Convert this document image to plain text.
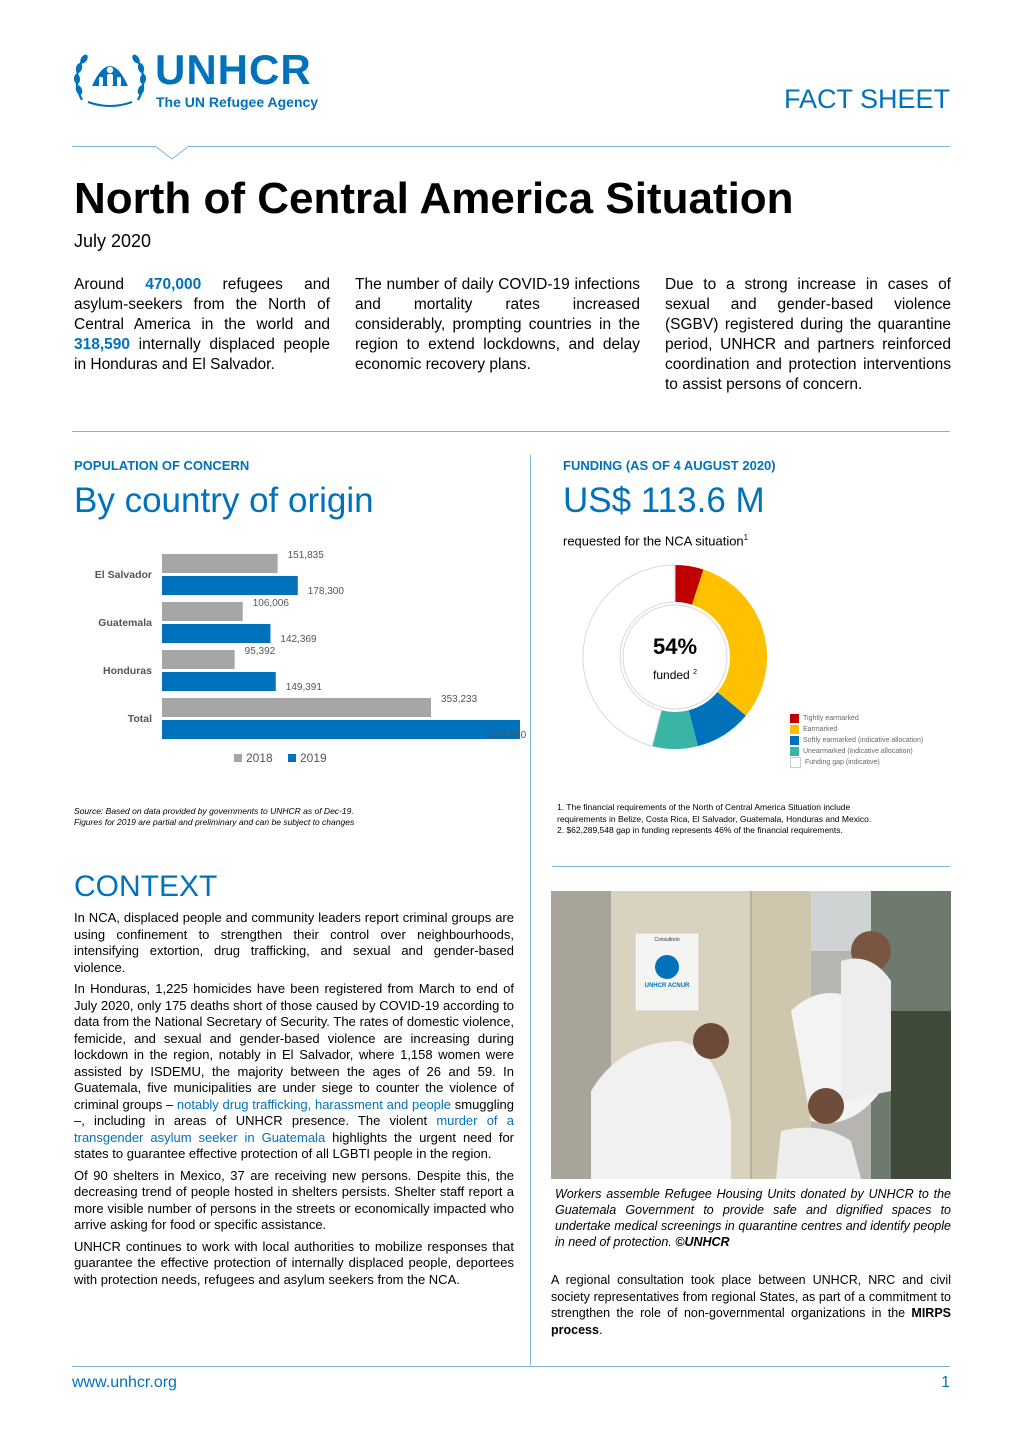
UNHCR
The UN Refugee Agency	FACT SHEET
North of Central America Situation
July 2020
Around 470,000 refugees and asylum-seekers from the North of Central America in the world and 318,590 internally displaced people in Honduras and El Salvador.
The number of daily COVID-19 infections and mortality rates increased considerably, prompting countries in the region to extend lockdowns, and delay economic recovery plans.
Due to a strong increase in cases of sexual and gender-based violence (SGBV) registered during the quarantine period, UNHCR and partners reinforced coordination and protection interventions to assist persons of concern.
POPULATION OF CONCERN
By country of origin
El Salvador
151,835
178,300
Guatemala
106,006
142,369
Honduras
95,392
149,391
Total
353,233
470,060
2018 2019
Source: Based on data provided by governments to UNHCR as of Dec-19.
Figures for 2019 are partial and preliminary and can be subject to changes
FUNDING (AS OF 4 AUGUST 2020)
US$ 113.6 M
requested for the NCA situation$^1$
54%
funded $^2$
Tightly earmarked
Earmarked
Softly earmarked (indicative allocation)
Unearmarked (indicative allocation)
Funding gap (indicative)
1. The financial requirements of the North of Central America Situation include
requirements in Belize, Costa Rica, El Salvador, Guatemala, Honduras and Mexico.
2. $62,289,548 gap in funding represents 46% of the financial requirements.
CONTEXT

In NCA, displaced people and community leaders report criminal groups are using confinement to strengthen their control over neighbourhoods, intensifying extortion, drug trafficking, and sexual and gender-based violence.

In Honduras, 1,225 homicides have been registered from March to end of July 2020, only 175 deaths short of those caused by COVID-19 according to data from the National Secretary of Security. The rates of domestic violence, femicide, and sexual and gender-based violence are increasing during lockdown in the region, notably in El Salvador, where 1,158 women were assisted by ISDEMU, the majority between the ages of 26 and 59. In Guatemala, five municipalities are under siege to counter the violence of criminal groups – notably drug trafficking, harassment and people smuggling –, including in areas of UNHCR presence. The violent murder of a transgender asylum seeker in Guatemala highlights the urgent need for states to guarantee effective protection of all LGBTI people in the region.

Of 90 shelters in Mexico, 37 are receiving new persons. Despite this, the decreasing trend of people hosted in shelters persists. Shelter staff report a more visible number of persons in the streets or economically impacted who arrive asking for food or specific assistance.

UNHCR continues to work with local authorities to mobilize responses that guarantee the effective protection of internally displaced people, deportees with protection needs, refugees and asylum seekers from the NCA.

Consultorio
UNHCR ACNUR
Workers assemble Refugee Housing Units donated by UNHCR to the Guatemala Government to provide safe and dignified spaces to undertake medical screenings in quarantine centres and identify people in need of protection. ©UNHCR
A regional consultation took place between UNHCR, NRC and civil society representatives from regional States, as part of a commitment to strengthen the role of non-governmental organizations in the MIRPS process.
www.unhcr.org	1
